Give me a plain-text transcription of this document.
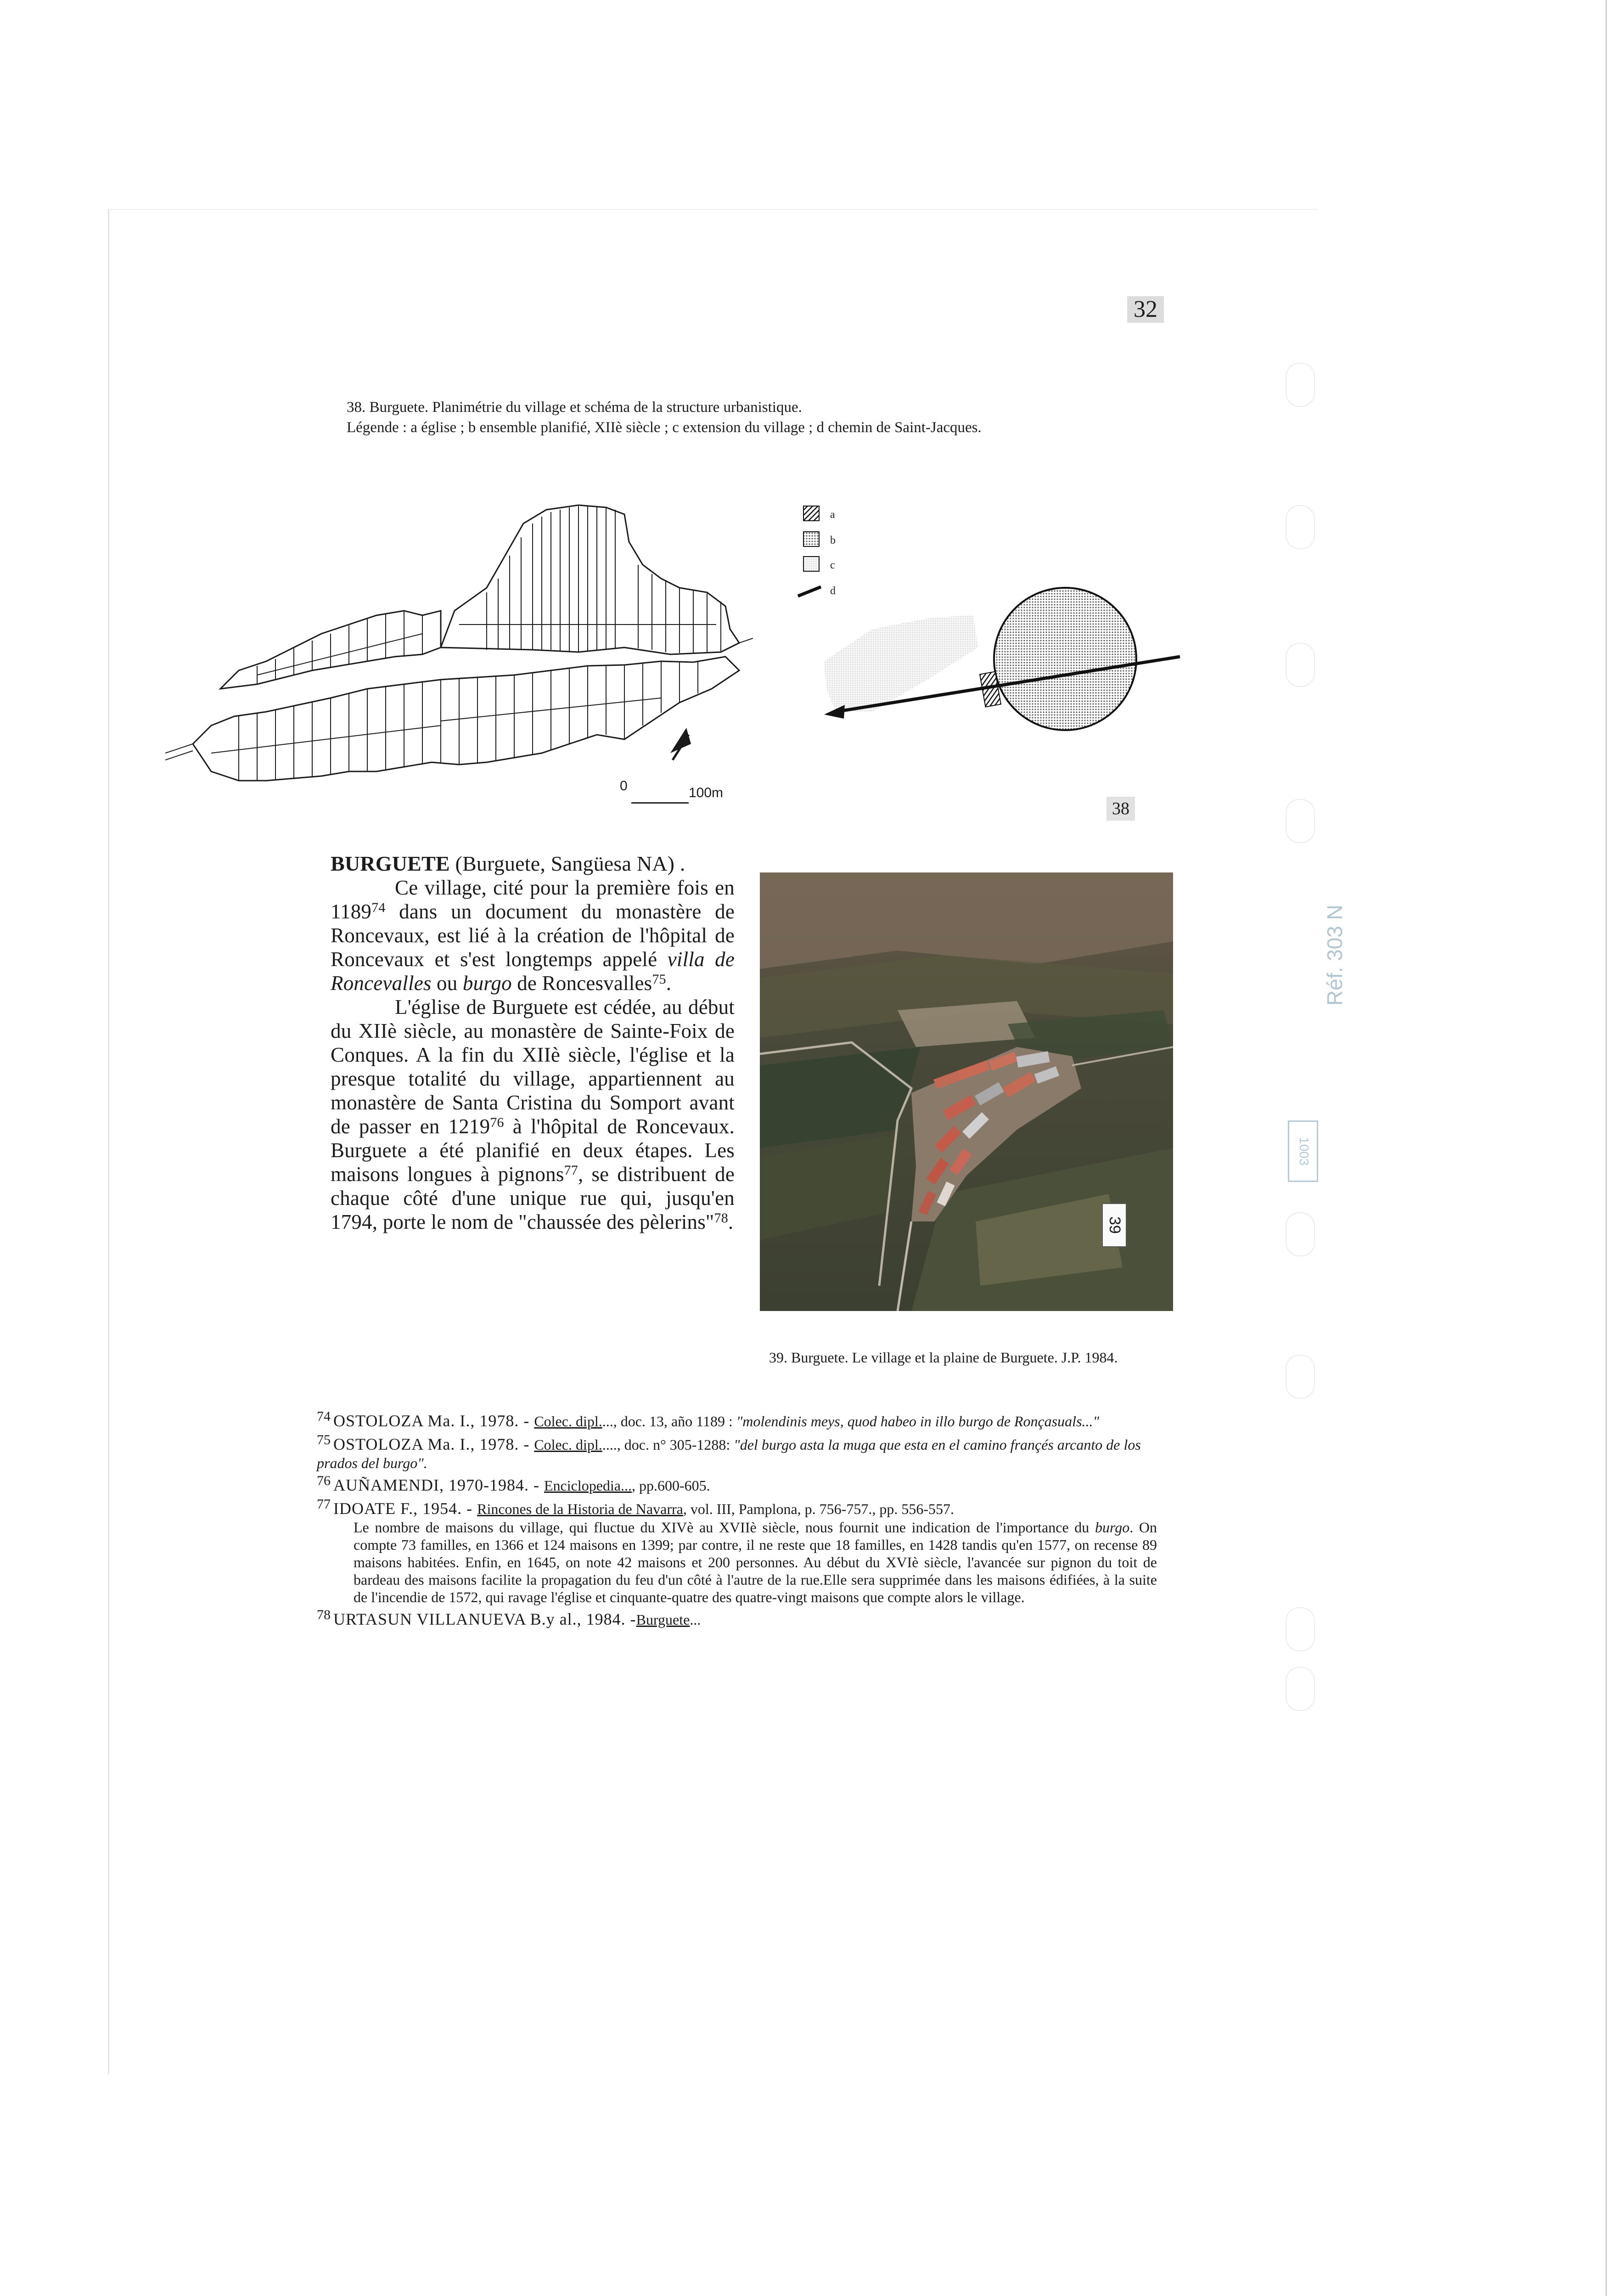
32

38. Burguete. Planimétrie du village et schéma de la structure urbanistique.
Légende : a église ; b ensemble planifié, XIIè siècle ; c extension du village ; d chemin de Saint-Jacques.

a
b
c
d
0	100m
38
BURGUETE (Burguete, Sangüesa NA) .

Ce village, cité pour la première fois en 1189$^{74}$ dans un document du monastère de Roncevaux, est lié à la création de l'hôpital de Roncevaux et s'est longtemps appelé villa de Roncevalles ou burgo de Roncesvalles$^{75}$.

L'église de Burguete est cédée, au début du XIIè siècle, au monastère de Sainte-Foix de Conques. A la fin du XIIè siècle, l'église et la presque totalité du village, appartiennent au monastère de Santa Cristina du Somport avant de passer en 1219$^{76}$ à l'hôpital de Roncevaux. Burguete a été planifié en deux étapes. Les maisons longues à pignons$^{77}$, se distribuent de chaque côté d'une unique rue qui, jusqu'en 1794, porte le nom de "chaussée des pèlerins"$^{78}$.	39

39. Burguete. Le village et la plaine de Burguete. J.P. 1984.

74 OSTOLOZA Ma. I., 1978. - Colec. dipl...., doc. 13, año 1189 : "molendinis meys, quod habeo in illo burgo de Ronçasuals..."
75 OSTOLOZA Ma. I., 1978. - Colec. dipl....., doc. n° 305-1288: "del burgo asta la muga que esta en el camino françés arcanto de los prados del burgo".
76 AUÑAMENDI, 1970-1984. - Enciclopedia..., pp.600-605.
77 IDOATE F., 1954. - Rincones de la Historia de Navarra, vol. III, Pamplona, p. 756-757., pp. 556-557.
Le nombre de maisons du village, qui fluctue du XIVè au XVIIè siècle, nous fournit une indication de l'importance du burgo. On compte 73 familles, en 1366 et 124 maisons en 1399; par contre, il ne reste que 18 familles, en 1428 tandis qu'en 1577, on recense 89 maisons habitées. Enfin, en 1645, on note 42 maisons et 200 personnes. Au début du XVIè siècle, l'avancée sur pignon du toit de bardeau des maisons facilite la propagation du feu d'un côté à l'autre de la rue.Elle sera supprimée dans les maisons édifiées, à la suite de l'incendie de 1572, qui ravage l'église et cinquante-quatre des quatre-vingt maisons que compte alors le village.
78 URTASUN VILLANUEVA B.y al., 1984. -Burguete...
Réf. 303 N
1003
